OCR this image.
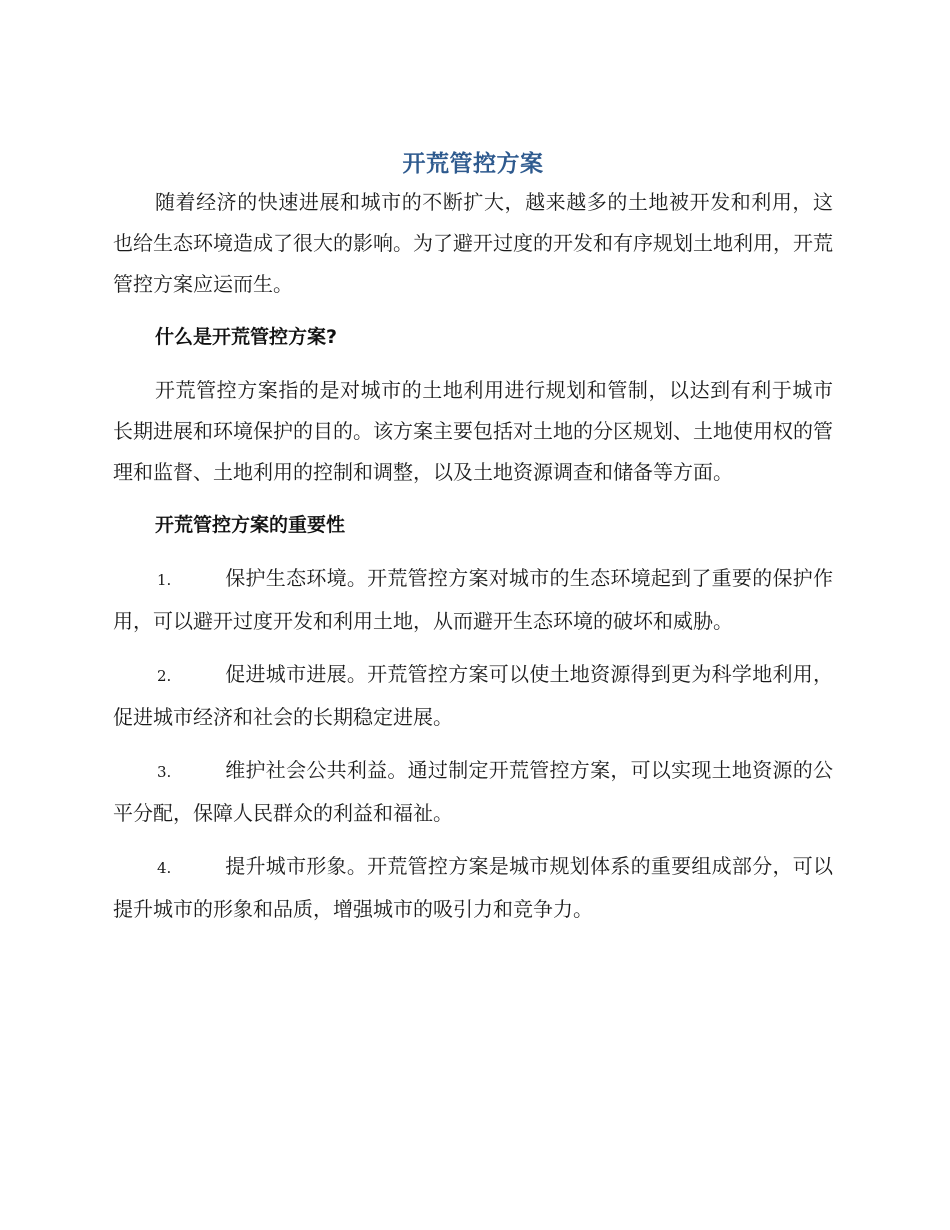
开荒管控方案

随着经济的快速进展和城市的不断扩大，越来越多的土地被开发和利用，这也给生态环境造成了很大的影响。为了避开过度的开发和有序规划土地利用，开荒管控方案应运而生。

什么是开荒管控方案?

开荒管控方案指的是对城市的土地利用进行规划和管制，以达到有利于城市长期进展和环境保护的目的。该方案主要包括对土地的分区规划、土地使用权的管理和监督、土地利用的控制和调整，以及土地资源调查和储备等方面。

开荒管控方案的重要性

1.	保护生态环境。开荒管控方案对城市的生态环境起到了重要的保护作用，可以避开过度开发和利用土地，从而避开生态环境的破坏和威胁。

2.	促进城市进展。开荒管控方案可以使土地资源得到更为科学地利用，促进城市经济和社会的长期稳定进展。

3.	维护社会公共利益。通过制定开荒管控方案，可以实现土地资源的公平分配，保障人民群众的利益和福祉。

4.	提升城市形象。开荒管控方案是城市规划体系的重要组成部分，可以提升城市的形象和品质，增强城市的吸引力和竞争力。
